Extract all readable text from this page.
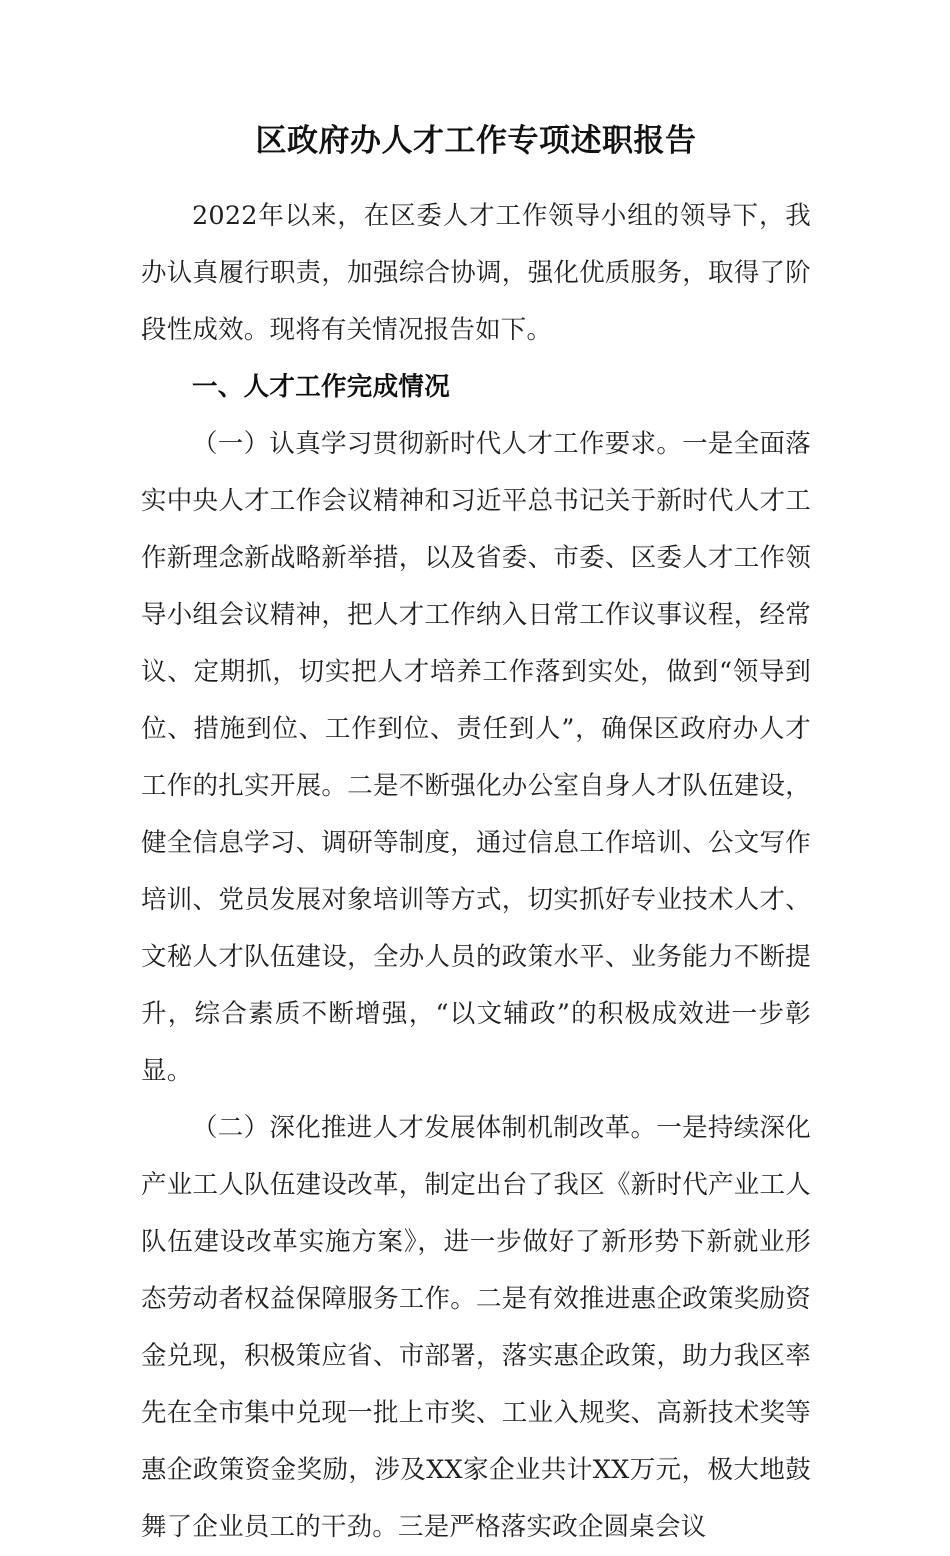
区政府办人才工作专项述职报告

2022年以来，在区委人才工作领导小组的领导下，我办认真履行职责，加强综合协调，强化优质服务，取得了阶段性成效。现将有关情况报告如下。

一、人才工作完成情况

（一）认真学习贯彻新时代人才工作要求。一是全面落实中央人才工作会议精神和习近平总书记关于新时代人才工作新理念新战略新举措，以及省委、市委、区委人才工作领导小组会议精神，把人才工作纳入日常工作议事议程，经常议、定期抓，切实把人才培养工作落到实处，做到“领导到位、措施到位、工作到位、责任到人”，确保区政府办人才工作的扎实开展。二是不断强化办公室自身人才队伍建设，健全信息学习、调研等制度，通过信息工作培训、公文写作培训、党员发展对象培训等方式，切实抓好专业技术人才、文秘人才队伍建设，全办人员的政策水平、业务能力不断提升，综合素质不断增强，“以文辅政”的积极成效进一步彰显。

（二）深化推进人才发展体制机制改革。一是持续深化产业工人队伍建设改革，制定出台了我区《新时代产业工人队伍建设改革实施方案》，进一步做好了新形势下新就业形态劳动者权益保障服务工作。二是有效推进惠企政策奖励资金兑现，积极策应省、市部署，落实惠企政策，助力我区率先在全市集中兑现一批上市奖、工业入规奖、高新技术奖等惠企政策资金奖励，涉及XX家企业共计XX万元，极大地鼓舞了企业员工的干劲。三是严格落实政企圆桌会议
